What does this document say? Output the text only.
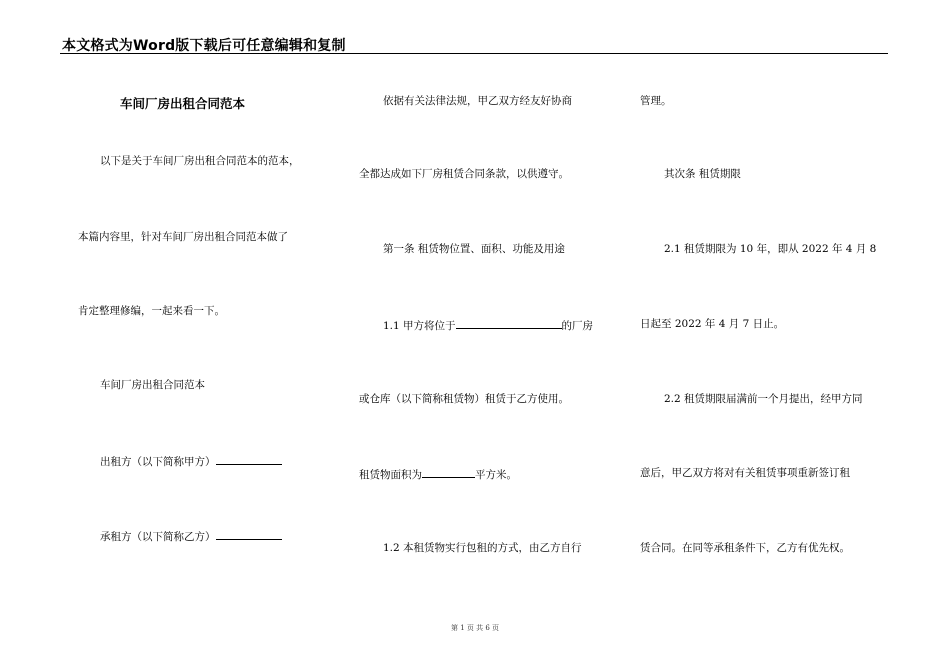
本文格式为Word版下载后可任意编辑和复制
车间厂房出租合同范本
以下是关于车间厂房出租合同范本的范本，
本篇内容里，针对车间厂房出租合同范本做了
肯定整理修编，一起来看一下。
车间厂房出租合同范本
出租方（以下简称甲方）
承租方（以下简称乙方）
依据有关法律法规，甲乙双方经友好协商
全都达成如下厂房租赁合同条款，以供遵守。
第一条 租赁物位置、面积、功能及用途
1.1 甲方将位于	的厂房
或仓库（以下简称租赁物）租赁于乙方使用。
租赁物面积为	平方米。
1.2 本租赁物实行包租的方式，由乙方自行
管理。
其次条 租赁期限
2.1 租赁期限为 10 年，即从 2022 年 4 月 8
日起至 2022 年 4 月 7 日止。
2.2 租赁期限届满前一个月提出，经甲方同
意后，甲乙双方将对有关租赁事项重新签订租
赁合同。在同等承租条件下，乙方有优先权。
第 1 页 共 6 页
